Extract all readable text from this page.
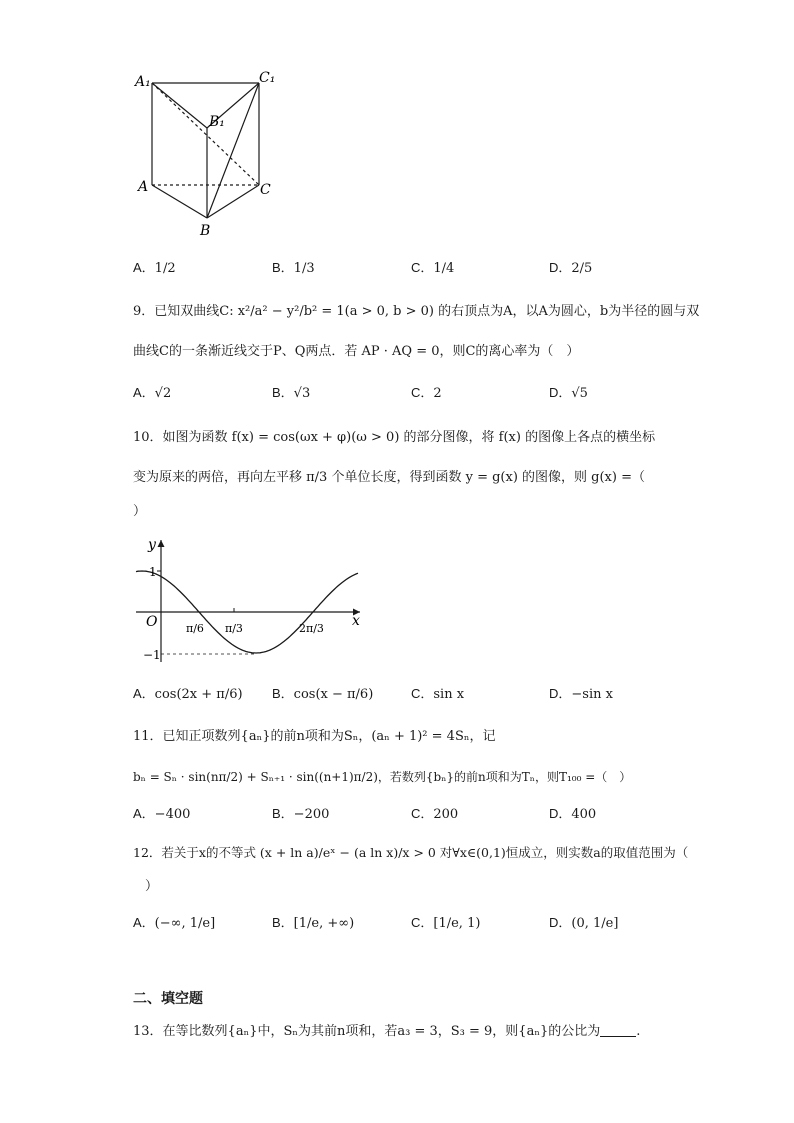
A₁	C₁
B₁
A	C
B
A．1/2	B．1/3	C．1/4	D．2/5
9．已知双曲线C: x²/a² − y²/b² = 1(a > 0, b > 0) 的右顶点为A，以A为圆心，b为半径的圆与双
曲线C的一条渐近线交于P、Q两点．若 AP · AQ = 0，则C的离心率为（　）
A．√2	B．√3	C．2	D．√5
10．如图为函数 f(x) = cos(ωx + φ)(ω > 0) 的部分图像，将 f(x) 的图像上各点的横坐标
变为原来的两倍，再向左平移 π/3 个单位长度，得到函数 y = g(x) 的图像，则 g(x) =（
）
y
x
O
1
−1
π/6 π/3	2π/3
A．cos(2x + π/6) B．cos(x − π/6)	C．sin x	D．−sin x
11．已知正项数列{aₙ}的前n项和为Sₙ，(aₙ + 1)² = 4Sₙ，记
bₙ = Sₙ · sin(nπ/2) + Sₙ₊₁ · sin((n+1)π/2)，若数列{bₙ}的前n项和为Tₙ，则T₁₀₀ =（　）
A．−400	B．−200	C．200	D．400
12．若关于x的不等式 (x + ln a)/eˣ − (a ln x)/x > 0 对∀x∈(0,1)恒成立，则实数a的取值范围为（
）
A．(−∞, 1/e]	B．[1/e, +∞)	C．[1/e, 1)	D．(0, 1/e]
二、填空题
13．在等比数列{aₙ}中，Sₙ为其前n项和，若a₃ = 3，S₃ = 9，则{aₙ}的公比为	.
